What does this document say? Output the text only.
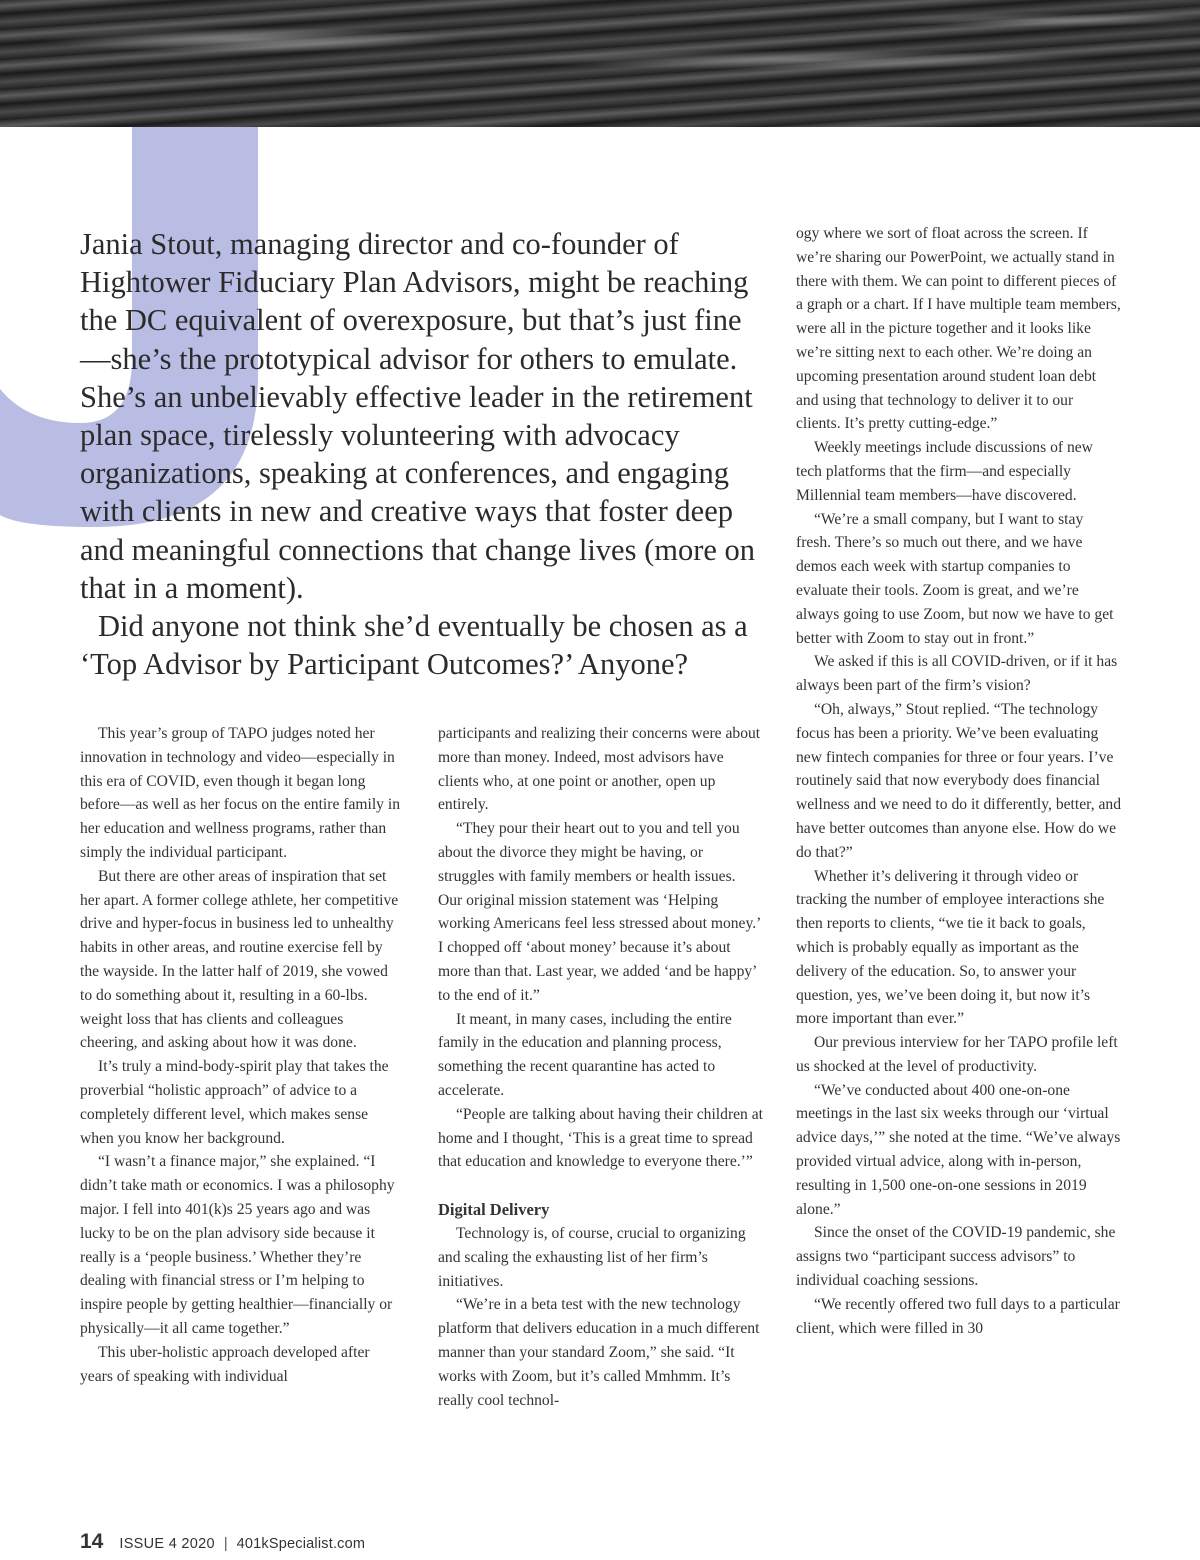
Jania Stout, managing director and co-founder of Hightower Fiduciary Plan Advisors, might be reaching the DC equivalent of overexposure, but that’s just fine—she’s the prototypical advisor for others to emulate. She’s an unbelievably effective leader in the retirement plan space, tirelessly volunteering with advocacy organizations, speaking at conferences, and engaging with clients in new and creative ways that foster deep and meaningful connections that change lives (more on that in a moment).

Did anyone not think she’d eventually be chosen as a ‘Top Advisor by Participant Outcomes?’ Anyone?

This year’s group of TAPO judges noted her innovation in technology and video—especially in this era of COVID, even though it began long before—as well as her focus on the entire family in her education and wellness programs, rather than simply the individual participant.

But there are other areas of inspiration that set her apart. A former college athlete, her competitive drive and hyper-focus in business led to unhealthy habits in other areas, and routine exercise fell by the wayside. In the latter half of 2019, she vowed to do something about it, resulting in a 60-lbs. weight loss that has clients and colleagues cheering, and asking about how it was done.

It’s truly a mind-body-spirit play that takes the proverbial “holistic approach” of advice to a completely different level, which makes sense when you know her background.

“I wasn’t a finance major,” she explained. “I didn’t take math or economics. I was a philosophy major. I fell into 401(k)s 25 years ago and was lucky to be on the plan advisory side because it really is a ‘people business.’ Whether they’re dealing with financial stress or I’m helping to inspire people by getting healthier—financially or physically—it all came together.”

This uber-holistic approach developed after years of speaking with individual

participants and realizing their concerns were about more than money. Indeed, most advisors have clients who, at one point or another, open up entirely.

“They pour their heart out to you and tell you about the divorce they might be having, or struggles with family members or health issues. Our original mission statement was ‘Helping working Americans feel less stressed about money.’ I chopped off ‘about money’ because it’s about more than that. Last year, we added ‘and be happy’ to the end of it.”

It meant, in many cases, including the entire family in the education and planning process, something the recent quarantine has acted to accelerate.

“People are talking about having their children at home and I thought, ‘This is a great time to spread that education and knowledge to everyone there.’”

Digital Delivery

Technology is, of course, crucial to organizing and scaling the exhausting list of her firm’s initiatives.

“We’re in a beta test with the new technology platform that delivers education in a much different manner than your standard Zoom,” she said. “It works with Zoom, but it’s called Mmhmm. It’s really cool technol-

ogy where we sort of float across the screen. If we’re sharing our PowerPoint, we actually stand in there with them. We can point to different pieces of a graph or a chart. If I have multiple team members, were all in the picture together and it looks like we’re sitting next to each other. We’re doing an upcoming presentation around student loan debt and using that technology to deliver it to our clients. It’s pretty cutting-edge.”

Weekly meetings include discussions of new tech platforms that the firm—and especially Millennial team members—have discovered.

“We’re a small company, but I want to stay fresh. There’s so much out there, and we have demos each week with startup companies to evaluate their tools. Zoom is great, and we’re always going to use Zoom, but now we have to get better with Zoom to stay out in front.”

We asked if this is all COVID-driven, or if it has always been part of the firm’s vision?

“Oh, always,” Stout replied. “The technology focus has been a priority. We’ve been evaluating new fintech companies for three or four years. I’ve routinely said that now everybody does financial wellness and we need to do it differently, better, and have better outcomes than anyone else. How do we do that?”

Whether it’s delivering it through video or tracking the number of employee interactions she then reports to clients, “we tie it back to goals, which is probably equally as important as the delivery of the education. So, to answer your question, yes, we’ve been doing it, but now it’s more important than ever.”

Our previous interview for her TAPO profile left us shocked at the level of productivity.

“We’ve conducted about 400 one-on-one meetings in the last six weeks through our ‘virtual advice days,’” she noted at the time. “We’ve always provided virtual advice, along with in-person, resulting in 1,500 one-on-one sessions in 2019 alone.”

Since the onset of the COVID-19 pandemic, she assigns two “participant success advisors” to individual coaching sessions.

“We recently offered two full days to a particular client, which were filled in 30

14 ISSUE 4 2020 | 401kSpecialist.com
